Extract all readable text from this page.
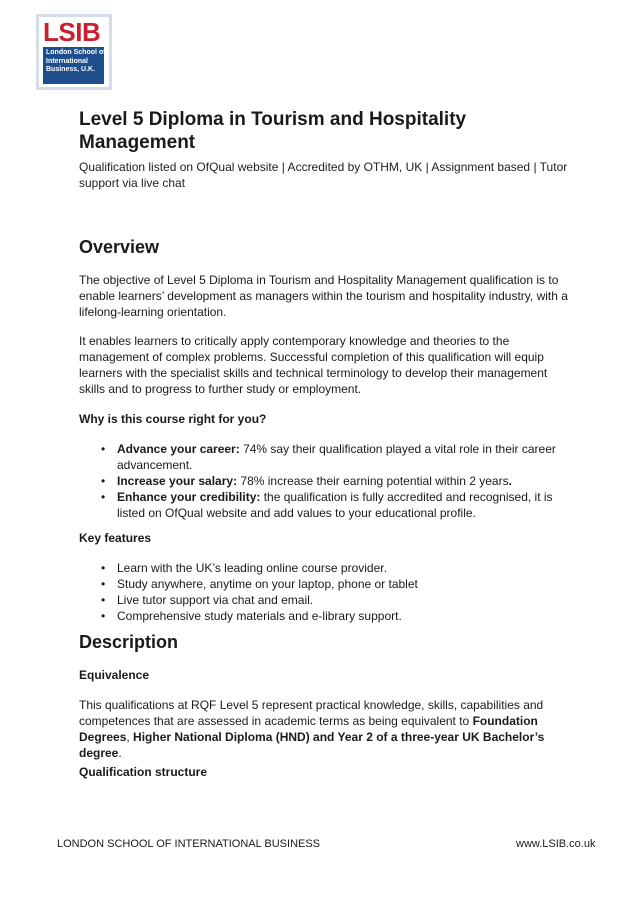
LSIB
London School of
International
Business, U.K.
Level 5 Diploma in Tourism and Hospitality Management

Qualification listed on OfQual website | Accredited by OTHM, UK | Assignment based | Tutor support via live chat

Overview

The objective of Level 5 Diploma in Tourism and Hospitality Management qualification is to enable learners’ development as managers within the tourism and hospitality industry, with a lifelong-learning orientation.

It enables learners to critically apply contemporary knowledge and theories to the management of complex problems. Successful completion of this qualification will equip learners with the specialist skills and technical terminology to develop their management skills and to progress to further study or employment.

Why is this course right for you?

• Advance your career: 74% say their qualification played a vital role in their career advancement.
• Increase your salary: 78% increase their earning potential within 2 years.
• Enhance your credibility: the qualification is fully accredited and recognised, it is listed on OfQual website and add values to your educational profile.

Key features

• Learn with the UK’s leading online course provider.
• Study anywhere, anytime on your laptop, phone or tablet
• Live tutor support via chat and email.
• Comprehensive study materials and e-library support.
Description

Equivalence

This qualifications at RQF Level 5 represent practical knowledge, skills, capabilities and competences that are assessed in academic terms as being equivalent to Foundation Degrees, Higher National Diploma (HND) and Year 2 of a three-year UK Bachelor’s degree.

Qualification structure

LONDON SCHOOL OF INTERNATIONAL BUSINESS	www.LSIB.co.uk
